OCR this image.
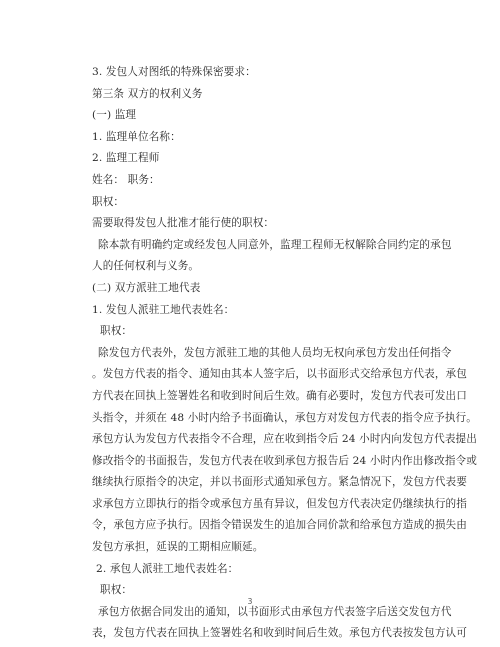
3. 发包人对图纸的特殊保密要求：
第三条 双方的权利义务
(一) 监理
1. 监理单位名称：
2. 监理工程师
姓名： 职务：
职权：
需要取得发包人批准才能行使的职权：
除本款有明确约定或经发包人同意外，监理工程师无权解除合同约定的承包
人的任何权利与义务。
(二) 双方派驻工地代表
1. 发包人派驻工地代表姓名：
职权：
除发包方代表外，发包方派驻工地的其他人员均无权向承包方发出任何指令
。发包方代表的指令、通知由其本人签字后，以书面形式交给承包方代表，承包
方代表在回执上签署姓名和收到时间后生效。确有必要时，发包方代表可发出口
头指令，并须在 48 小时内给予书面确认，承包方对发包方代表的指令应予执行。
承包方认为发包方代表指令不合理，应在收到指令后 24 小时内向发包方代表提出
修改指令的书面报告，发包方代表在收到承包方报告后 24 小时内作出修改指令或
继续执行原指令的决定，并以书面形式通知承包方。紧急情况下，发包方代表要
求承包方立即执行的指令或承包方虽有异议，但发包方代表决定仍继续执行的指
令，承包方应予执行。因指令错误发生的追加合同价款和给承包方造成的损失由
发包方承担，延误的工期相应顺延。
2. 承包人派驻工地代表姓名：
职权：
承包方依据合同发出的通知，以书面形式由承包方代表签字后送交发包方代
表，发包方代表在回执上签署姓名和收到时间后生效。承包方代表按发包方认可
3
